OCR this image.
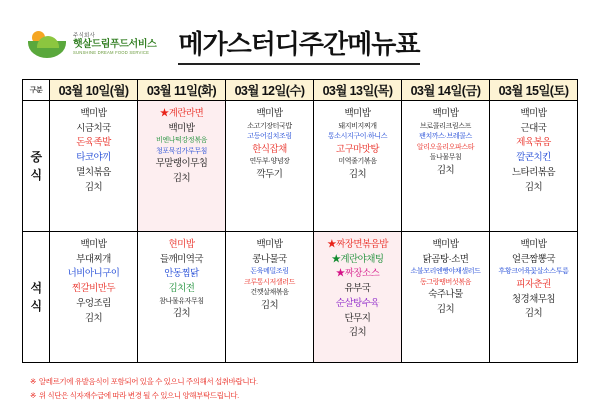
주식회사
햇살드림푸드서비스
SUNSHINE DREAM FOOD SERVICE 메가스터디주간메뉴표
구분	03월 10일(월)	03월 11일(화)	03월 12일(수)	03월 13일(목)	03월 14일(금)	03월 15일(토)
중
식	
백미밥
시금치국
돈육족발
타코야끼
멸치볶음
김치

★계란라면
백미밥
비엔나떡강정볶음
청포묵김가루무침
무말랭이무침
김치

백미밥
소고기장터국밥
고등어김치조림
한식잡채
연두부·양념장
깍두기

백미밥
돼지비지찌개
통소시지구이·하니스
고구마맛탕
미역줄기볶음
김치

백미밥
브로콜리크림스프
팬치까스·브레콜스
알리오올리오파스타
돌나물무침
김치

백미밥
근대국
제육볶음
깔콘치킨
느타리볶음
김치

석
식	
백미밥
부대찌개
너비아니구이
찐갈비만두
우엉조림
김치

현미밥
들깨미역국
안동찜닭
김치전
참나물유자무침
김치

백미밥
콩나물국
돈육메밀조림
크루통시저샐러드
건깻살채볶음
김치

★짜장면볶음밥
★계란야채팅
★짜장소스
유부국
순살탕수육
단무지
김치

백미밥
닭곰탕·소면
소불모리엔빵야채샐러드
동그랑땡버섯볶음
숙주나물
김치

백미밥
얼큰짬뽕국
후황크어육꽃살소스투름
피자춘권
청경채무침
김치
※ 알레르기에 유발음식이 포함되어 있을 수 있으니 주의해서 섭취바랍니다.
※ 위 식단은 식자재수급에 따라 변경 될 수 있으니 양해부탁드립니다.
